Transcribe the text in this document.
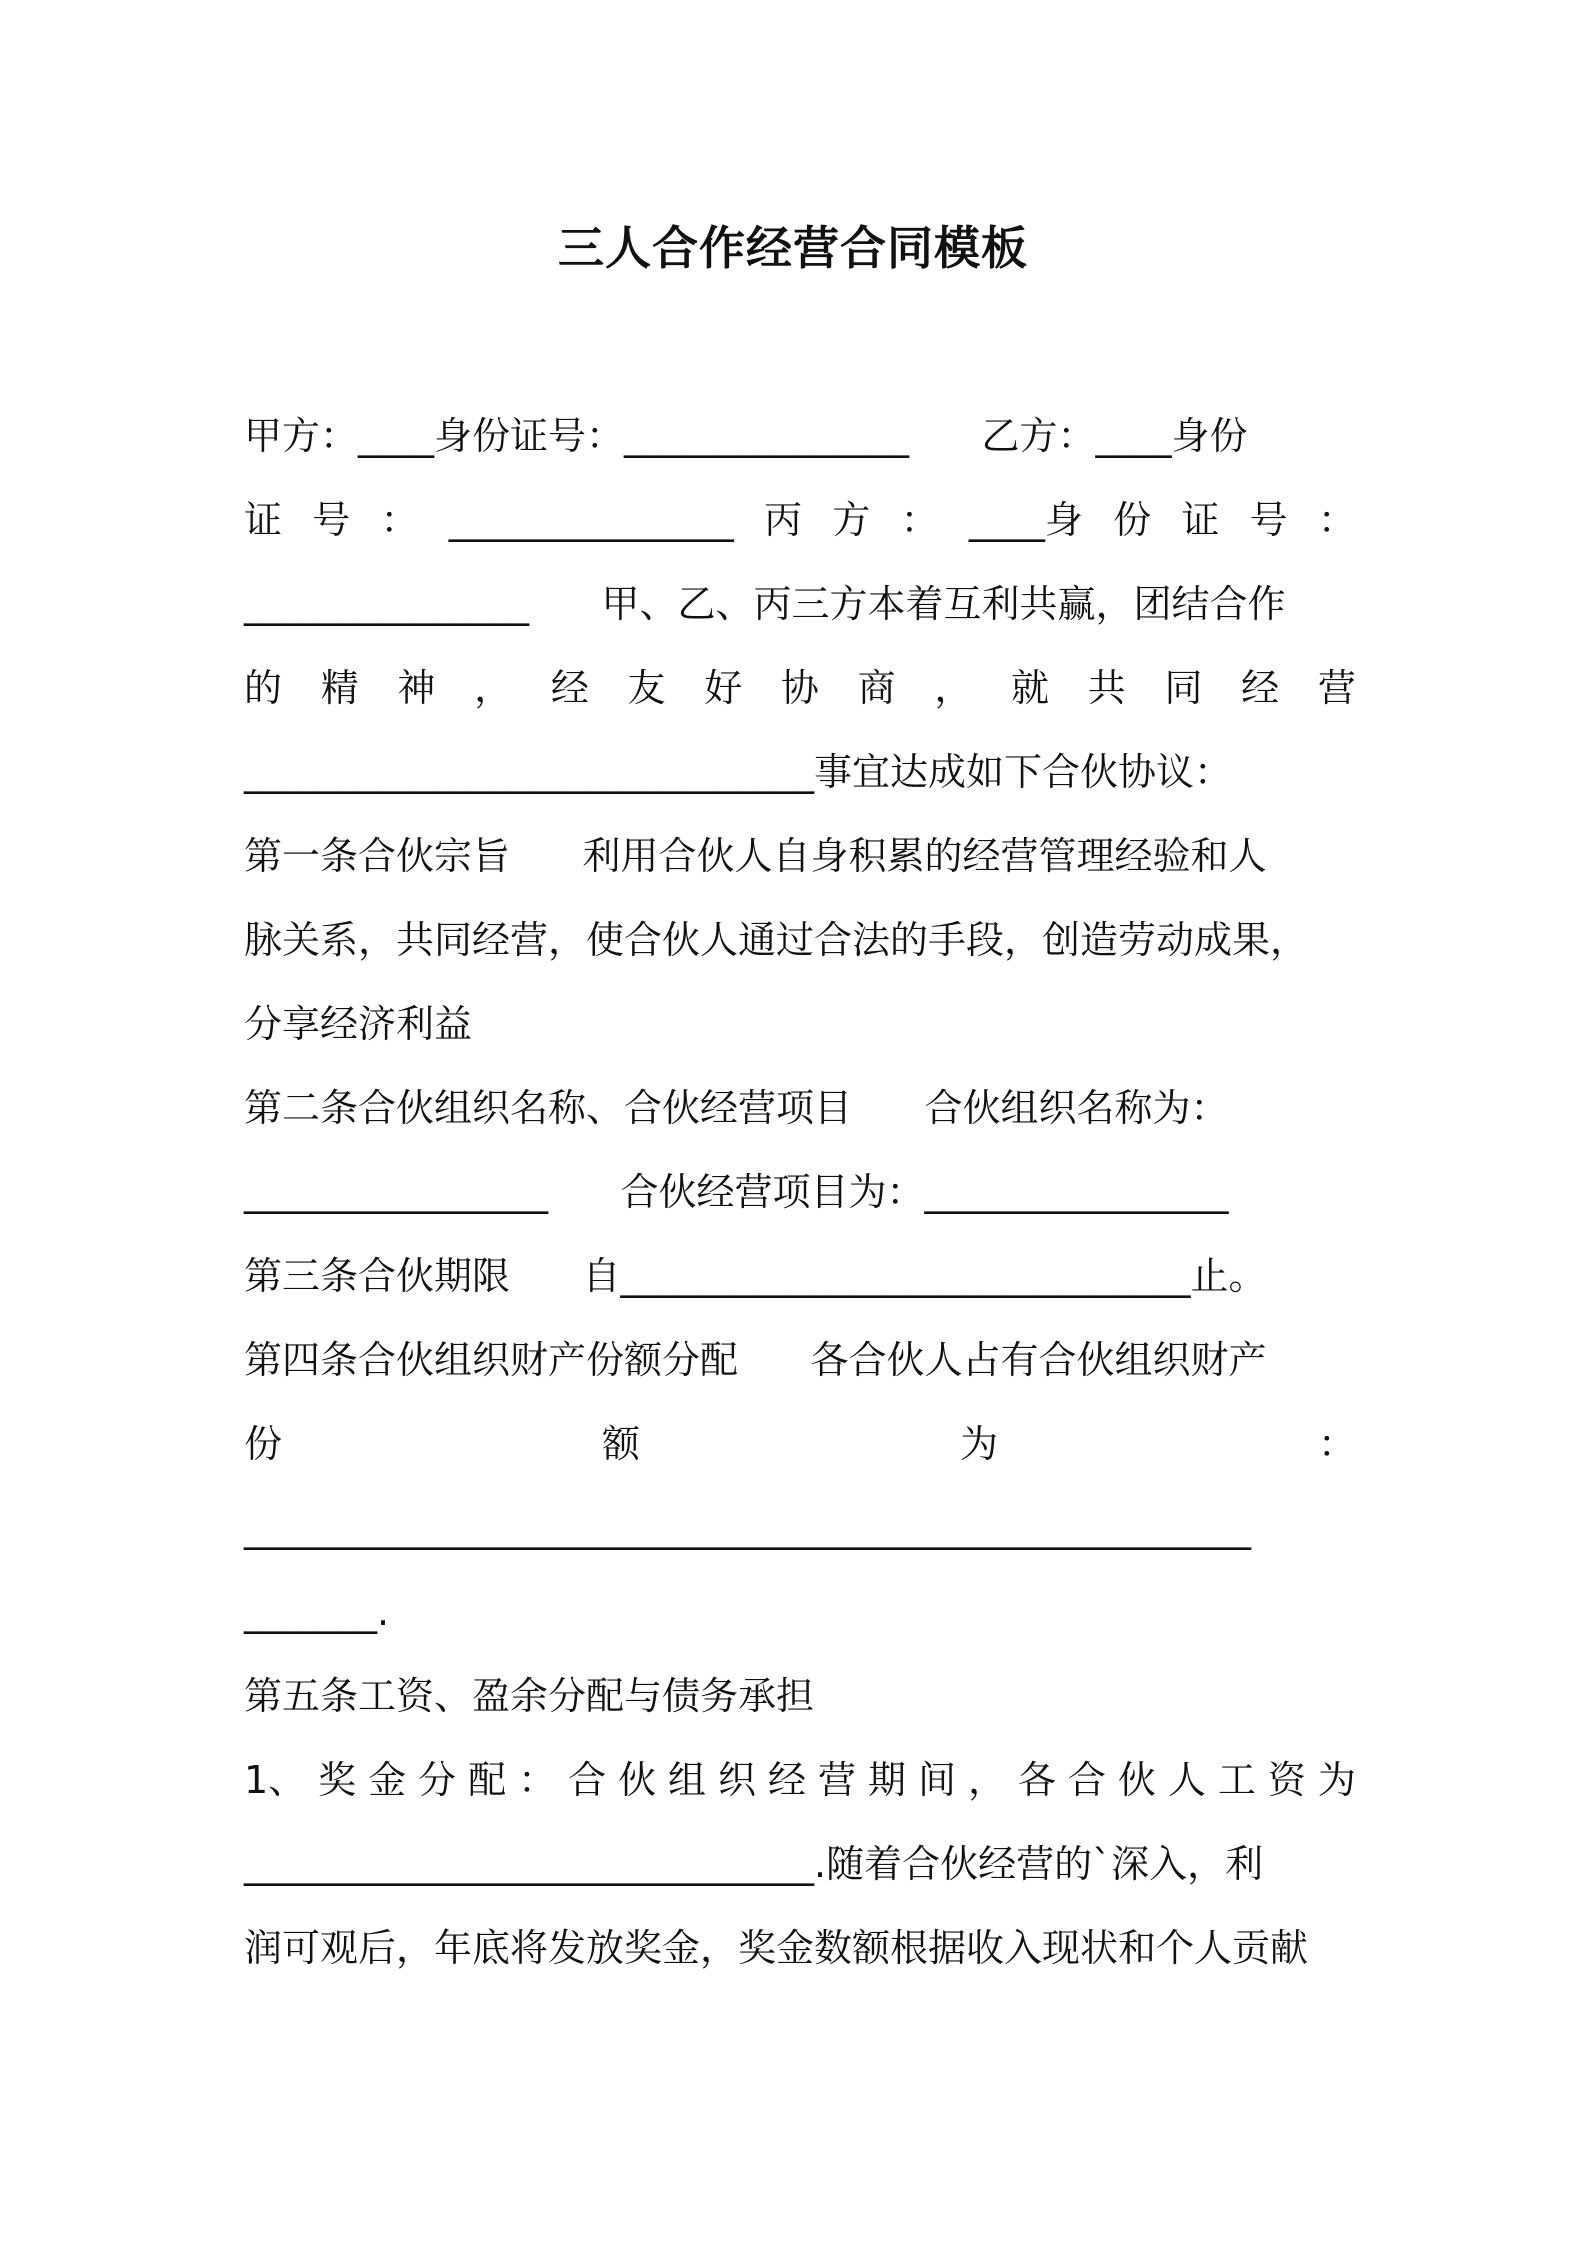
三人合作经营合同模板
甲方：____身份证号：_______________      乙方：____身份
证 号 ： _______________ 丙 方 ： ____身 份 证 号 ：
_______________      甲、乙、丙三方本着互利共赢，团结合作
的 精 神 ， 经 友 好 协 商 ， 就 共 同 经 营
______________________________事宜达成如下合伙协议：
第一条合伙宗旨      利用合伙人自身积累的经营管理经验和人
脉关系，共同经营，使合伙人通过合法的手段，创造劳动成果，
分享经济利益
第二条合伙组织名称、合伙经营项目      合伙组织名称为：
________________      合伙经营项目为：________________
第三条合伙期限      自______________________________止。
第四条合伙组织财产份额分配      各合伙人占有合伙组织财产
份	额	为	：
_____________________________________________________
_______.
第五条工资、盈余分配与债务承担
1、 奖 金 分 配 ： 合 伙 组 织 经 营 期 间 ， 各 合 伙 人 工 资 为
______________________________.随着合伙经营的`深入，利
润可观后，年底将发放奖金，奖金数额根据收入现状和个人贡献
